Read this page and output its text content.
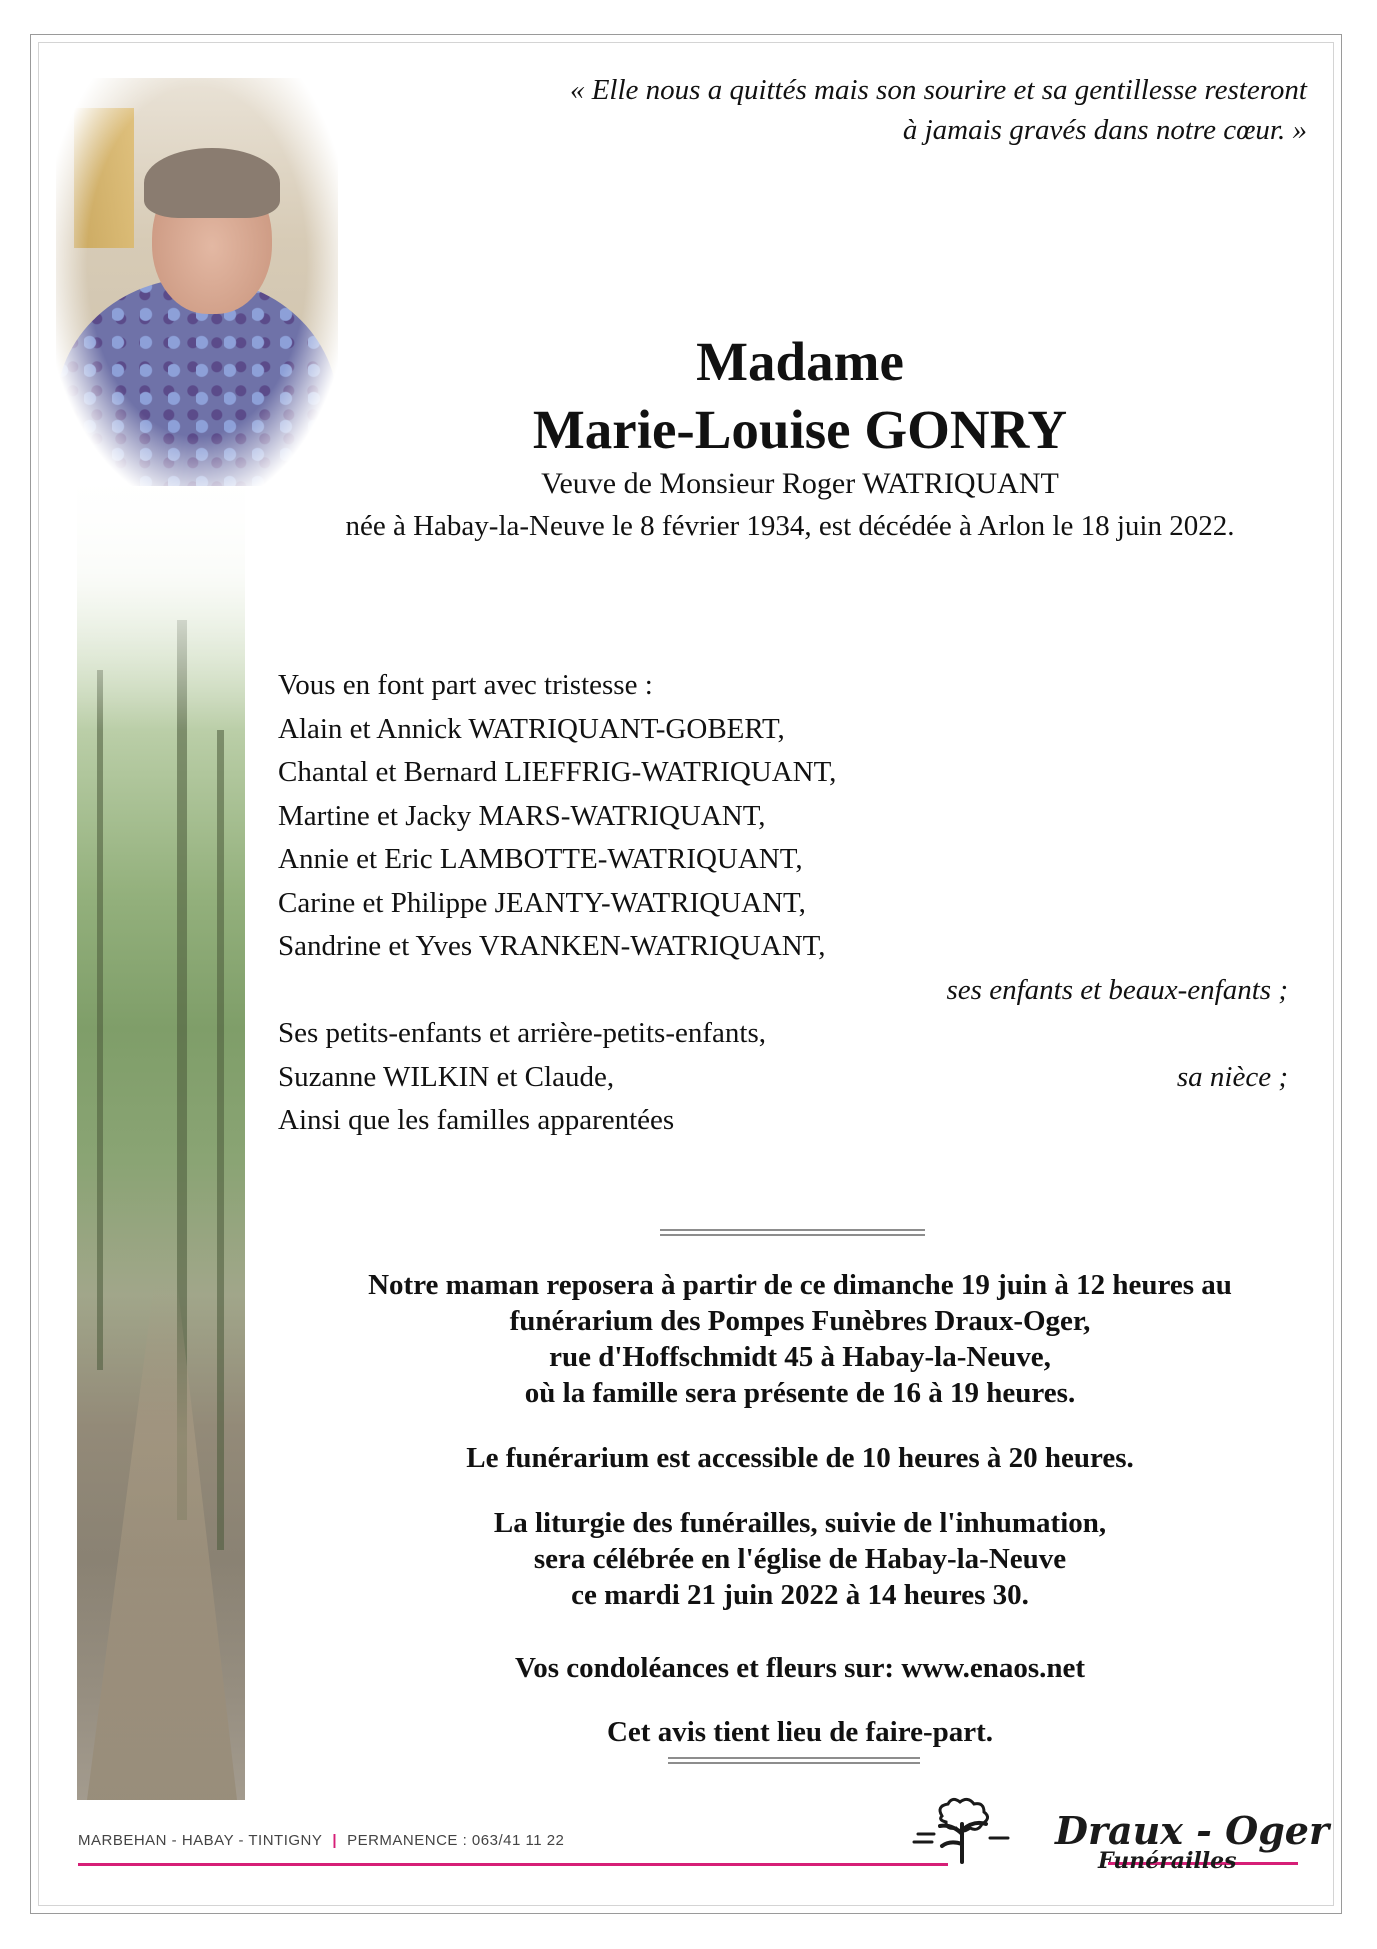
« Elle nous a quittés mais son sourire et sa gentillesse resteront
à jamais gravés dans notre cœur. »

Madame
Marie-Louise GONRY

Veuve de Monsieur Roger WATRIQUANT

née à Habay-la-Neuve le 8 février 1934, est décédée à Arlon le 18 juin 2022.

Vous en font part avec tristesse :
Alain et Annick WATRIQUANT-GOBERT,
Chantal et Bernard LIEFFRIG-WATRIQUANT,
Martine et Jacky MARS-WATRIQUANT,
Annie et Eric LAMBOTTE-WATRIQUANT,
Carine et Philippe JEANTY-WATRIQUANT,
Sandrine et Yves VRANKEN-WATRIQUANT,
ses enfants et beaux-enfants ;
Ses petits-enfants et arrière-petits-enfants,
Suzanne WILKIN et Claude,	sa nièce ;
Ainsi que les familles apparentées

Notre maman reposera à partir de ce dimanche 19 juin à 12 heures au
funérarium des Pompes Funèbres Draux-Oger,
rue d'Hoffschmidt 45 à Habay-la-Neuve,
où la famille sera présente de 16 à 19 heures.

Le funérarium est accessible de 10 heures à 20 heures.

La liturgie des funérailles, suivie de l'inhumation,
sera célébrée en l'église de Habay-la-Neuve
ce mardi 21 juin 2022 à 14 heures 30.

Vos condoléances et fleurs sur: www.enaos.net

Cet avis tient lieu de faire-part.

MARBEHAN - HABAY - TINTIGNY | PERMANENCE : 063/41 11 22	Draux - Oger
Funérailles
